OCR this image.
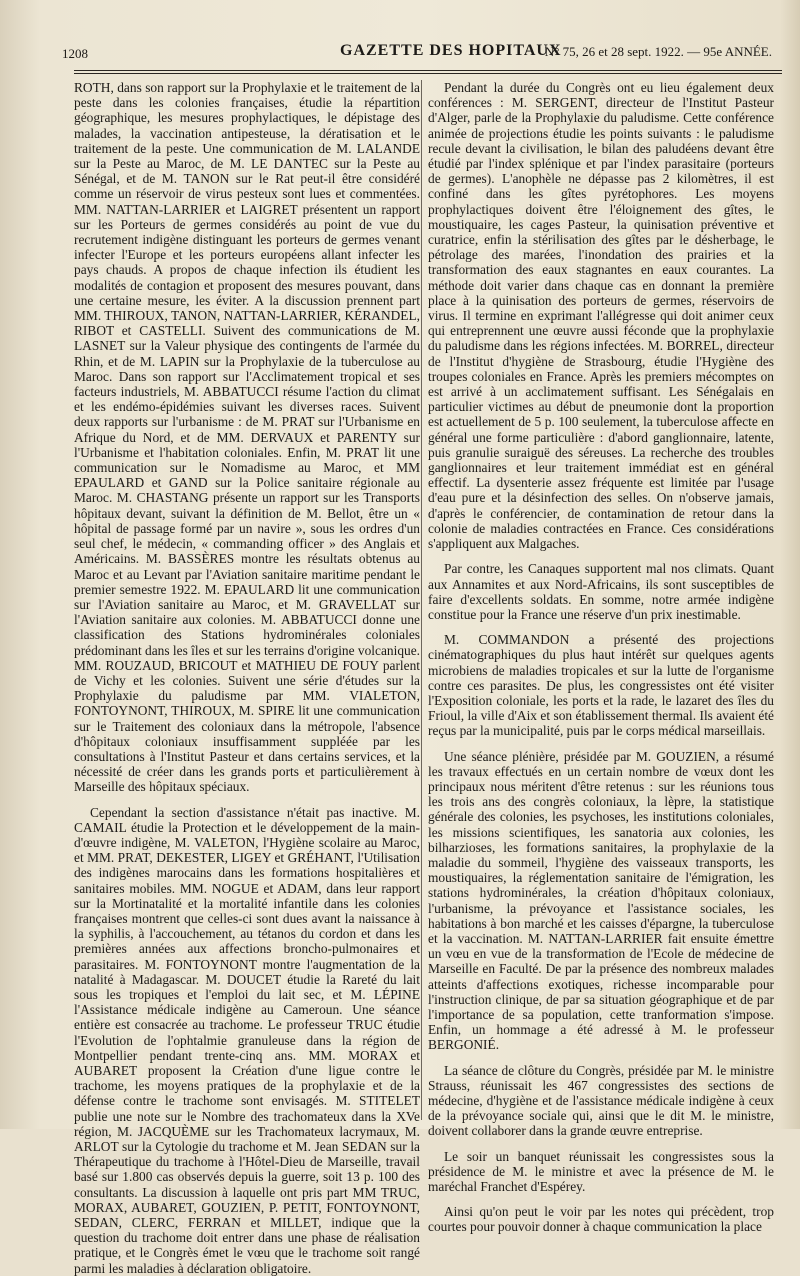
1208	GAZETTE DES HOPITAUX
N° 75, 26 et 28 sept. 1922. — 95e ANNÉE.

ROTH, dans son rapport sur la Prophylaxie et le traitement de la peste dans les colonies françaises, étudie la répartition géographique, les mesures prophylactiques, le dépistage des malades, la vaccination antipesteuse, la dératisation et le traitement de la peste. Une communication de M. LALANDE sur la Peste au Maroc, de M. LE DANTEC sur la Peste au Sénégal, et de M. TANON sur le Rat peut-il être considéré comme un réservoir de virus pesteux sont lues et commentées. MM. NATTAN-LARRIER et LAIGRET présentent un rapport sur les Porteurs de germes considérés au point de vue du recrutement indigène distinguant les porteurs de germes venant infecter l'Europe et les porteurs européens allant infecter les pays chauds. A propos de chaque infection ils étudient les modalités de contagion et proposent des mesures pouvant, dans une certaine mesure, les éviter. A la discussion prennent part MM. THIROUX, TANON, NATTAN-LARRIER, KÉRANDEL, RIBOT et CASTELLI. Suivent des communications de M. LASNET sur la Valeur physique des contingents de l'armée du Rhin, et de M. LAPIN sur la Prophylaxie de la tuberculose au Maroc. Dans son rapport sur l'Acclimatement tropical et ses facteurs industriels, M. ABBATUCCI résume l'action du climat et les endémo-épidémies suivant les diverses races. Suivent deux rapports sur l'urbanisme : de M. PRAT sur l'Urbanisme en Afrique du Nord, et de MM. DERVAUX et PARENTY sur l'Urbanisme et l'habitation coloniales. Enfin, M. PRAT lit une communication sur le Nomadisme au Maroc, et MM EPAULARD et GAND sur la Police sanitaire régionale au Maroc. M. CHASTANG présente un rapport sur les Transports hôpitaux devant, suivant la définition de M. Bellot, être un « hôpital de passage formé par un navire », sous les ordres d'un seul chef, le médecin, « commanding officer » des Anglais et Américains. M. BASSÈRES montre les résultats obtenus au Maroc et au Levant par l'Aviation sanitaire maritime pendant le premier semestre 1922. M. EPAULARD lit une communication sur l'Aviation sanitaire au Maroc, et M. GRAVELLAT sur l'Aviation sanitaire aux colonies. M. ABBATUCCI donne une classification des Stations hydrominérales coloniales prédominant dans les îles et sur les terrains d'origine volcanique. MM. ROUZAUD, BRICOUT et MATHIEU DE FOUY parlent de Vichy et les colonies. Suivent une série d'études sur la Prophylaxie du paludisme par MM. VIALETON, FONTOYNONT, THIROUX, M. SPIRE lit une communication sur le Traitement des coloniaux dans la métropole, l'absence d'hôpitaux coloniaux insuffisamment suppléée par les consultations à l'Institut Pasteur et dans certains services, et la nécessité de créer dans les grands ports et particulièrement à Marseille des hôpitaux spéciaux.

Cependant la section d'assistance n'était pas inactive. M. CAMAIL étudie la Protection et le développement de la main-d'œuvre indigène, M. VALETON, l'Hygiène scolaire au Maroc, et MM. PRAT, DEKESTER, LIGEY et GRÉHANT, l'Utilisation des indigènes marocains dans les formations hospitalières et sanitaires mobiles. MM. NOGUE et ADAM, dans leur rapport sur la Mortinatalité et la mortalité infantile dans les colonies françaises montrent que celles-ci sont dues avant la naissance à la syphilis, à l'accouchement, au tétanos du cordon et dans les premières années aux affections broncho-pulmonaires et parasitaires. M. FONTOYNONT montre l'augmentation de la natalité à Madagascar. M. DOUCET étudie la Rareté du lait sous les tropiques et l'emploi du lait sec, et M. LÉPINE l'Assistance médicale indigène au Cameroun. Une séance entière est consacrée au trachome. Le professeur TRUC étudie l'Evolution de l'ophtalmie granuleuse dans la région de Montpellier pendant trente-cinq ans. MM. MORAX et AUBARET proposent la Création d'une ligue contre le trachome, les moyens pratiques de la prophylaxie et de la défense contre le trachome sont envisagés. M. STITELET publie une note sur le Nombre des trachomateux dans la XVe région, M. JACQUÈME sur les Trachomateux lacrymaux, M. ARLOT sur la Cytologie du trachome et M. Jean SEDAN sur la Thérapeutique du trachome à l'Hôtel-Dieu de Marseille, travail basé sur 1.800 cas observés depuis la guerre, soit 13 p. 100 des consultants. La discussion à laquelle ont pris part MM TRUC, MORAX, AUBARET, GOUZIEN, P. PETIT, FONTOYNONT, SEDAN, CLERC, FERRAN et MILLET, indique que la question du trachome doit entrer dans une phase de réalisation pratique, et le Congrès émet le vœu que le trachome soit rangé parmi les maladies à déclaration obligatoire.

Pendant la durée du Congrès ont eu lieu également deux conférences : M. SERGENT, directeur de l'Institut Pasteur d'Alger, parle de la Prophylaxie du paludisme. Cette conférence animée de projections étudie les points suivants : le paludisme recule devant la civilisation, le bilan des paludéens devant être étudié par l'index splénique et par l'index parasitaire (porteurs de germes). L'anophèle ne dépasse pas 2 kilomètres, il est confiné dans les gîtes pyrétophores. Les moyens prophylactiques doivent être l'éloignement des gîtes, le moustiquaire, les cages Pasteur, la quinisation préventive et curatrice, enfin la stérilisation des gîtes par le désherbage, le pétrolage des marées, l'inondation des prairies et la transformation des eaux stagnantes en eaux courantes. La méthode doit varier dans chaque cas en donnant la première place à la quinisation des porteurs de germes, réservoirs de virus. Il termine en exprimant l'allégresse qui doit animer ceux qui entreprennent une œuvre aussi féconde que la prophylaxie du paludisme dans les régions infectées. M. BORREL, directeur de l'Institut d'hygiène de Strasbourg, étudie l'Hygiène des troupes coloniales en France. Après les premiers mécomptes on est arrivé à un acclimatement suffisant. Les Sénégalais en particulier victimes au début de pneumonie dont la proportion est actuellement de 5 p. 100 seulement, la tuberculose affecte en général une forme particulière : d'abord ganglionnaire, latente, puis granulie suraiguë des séreuses. La recherche des troubles ganglionnaires et leur traitement immédiat est en général effectif. La dysenterie assez fréquente est limitée par l'usage d'eau pure et la désinfection des selles. On n'observe jamais, d'après le conférencier, de contamination de retour dans la colonie de maladies contractées en France. Ces considérations s'appliquent aux Malgaches.

Par contre, les Canaques supportent mal nos climats. Quant aux Annamites et aux Nord-Africains, ils sont susceptibles de faire d'excellents soldats. En somme, notre armée indigène constitue pour la France une réserve d'un prix inestimable.

M. COMMANDON a présenté des projections cinématographiques du plus haut intérêt sur quelques agents microbiens de maladies tropicales et sur la lutte de l'organisme contre ces parasites. De plus, les congressistes ont été visiter l'Exposition coloniale, les ports et la rade, le lazaret des îles du Frioul, la ville d'Aix et son établissement thermal. Ils avaient été reçus par la municipalité, puis par le corps médical marseillais.

Une séance plénière, présidée par M. GOUZIEN, a résumé les travaux effectués en un certain nombre de vœux dont les principaux nous méritent d'être retenus : sur les réunions tous les trois ans des congrès coloniaux, la lèpre, la statistique générale des colonies, les psychoses, les institutions coloniales, les missions scientifiques, les sanatoria aux colonies, les bilharzioses, les formations sanitaires, la prophylaxie de la maladie du sommeil, l'hygiène des vaisseaux transports, les moustiquaires, la réglementation sanitaire de l'émigration, les stations hydrominérales, la création d'hôpitaux coloniaux, l'urbanisme, la prévoyance et l'assistance sociales, les habitations à bon marché et les caisses d'épargne, la tuberculose et la vaccination. M. NATTAN-LARRIER fait ensuite émettre un vœu en vue de la transformation de l'Ecole de médecine de Marseille en Faculté. De par la présence des nombreux malades atteints d'affections exotiques, richesse incomparable pour l'instruction clinique, de par sa situation géographique et de par l'importance de sa population, cette tranformation s'impose. Enfin, un hommage a été adressé à M. le professeur BERGONIÉ.

La séance de clôture du Congrès, présidée par M. le ministre Strauss, réunissait les 467 congressistes des sections de médecine, d'hygiène et de l'assistance médicale indigène à ceux de la prévoyance sociale qui, ainsi que le dit M. le ministre, doivent collaborer dans la grande œuvre entreprise.

Le soir un banquet réunissait les congressistes sous la présidence de M. le ministre et avec la présence de M. le maréchal Franchet d'Espérey.

Ainsi qu'on peut le voir par les notes qui précèdent, trop courtes pour pouvoir donner à chaque communication la place
